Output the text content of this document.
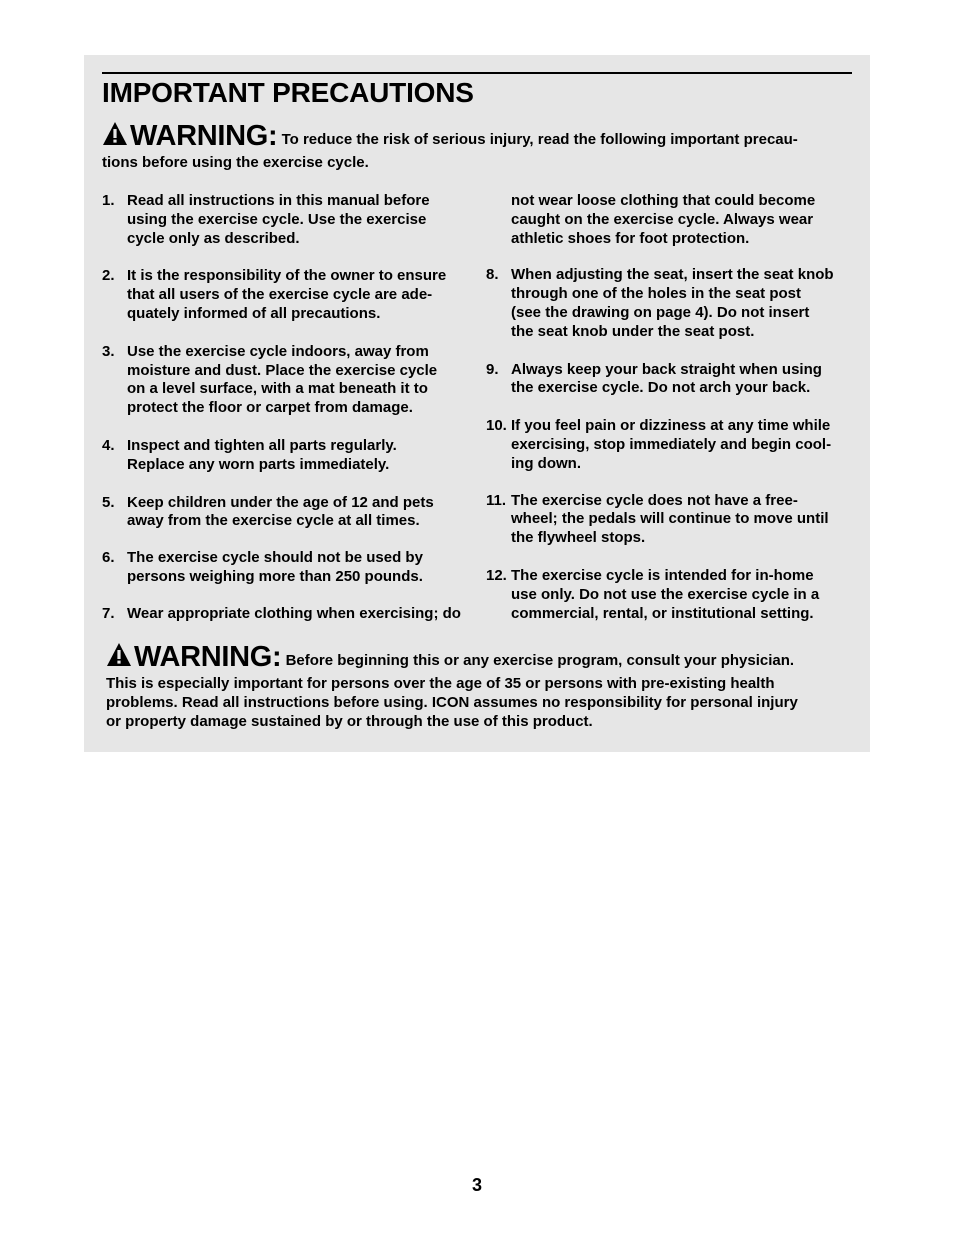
IMPORTANT PRECAUTIONS
WARNING: To reduce the risk of serious injury, read the following important precau-
tions before using the exercise cycle.
1. Read all instructions in this manual before
using the exercise cycle. Use the exercise
cycle only as described.
2. It is the responsibility of the owner to ensure
that all users of the exercise cycle are ade-
quately informed of all precautions.
3. Use the exercise cycle indoors, away from
moisture and dust. Place the exercise cycle
on a level surface, with a mat beneath it to
protect the floor or carpet from damage.
4. Inspect and tighten all parts regularly.
Replace any worn parts immediately.
5. Keep children under the age of 12 and pets
away from the exercise cycle at all times.
6. The exercise cycle should not be used by
persons weighing more than 250 pounds.
7. Wear appropriate clothing when exercising; do
not wear loose clothing that could become
caught on the exercise cycle. Always wear
athletic shoes for foot protection.
8. When adjusting the seat, insert the seat knob
through one of the holes in the seat post
(see the drawing on page 4). Do not insert
the seat knob under the seat post.
9. Always keep your back straight when using
the exercise cycle. Do not arch your back.
10. If you feel pain or dizziness at any time while
exercising, stop immediately and begin cool-
ing down.
11. The exercise cycle does not have a free-
wheel; the pedals will continue to move until
the flywheel stops.
12. The exercise cycle is intended for in-home
use only. Do not use the exercise cycle in a
commercial, rental, or institutional setting.
WARNING: Before beginning this or any exercise program, consult your physician.
This is especially important for persons over the age of 35 or persons with pre-existing health
problems. Read all instructions before using. ICON assumes no responsibility for personal injury
or property damage sustained by or through the use of this product.
3
